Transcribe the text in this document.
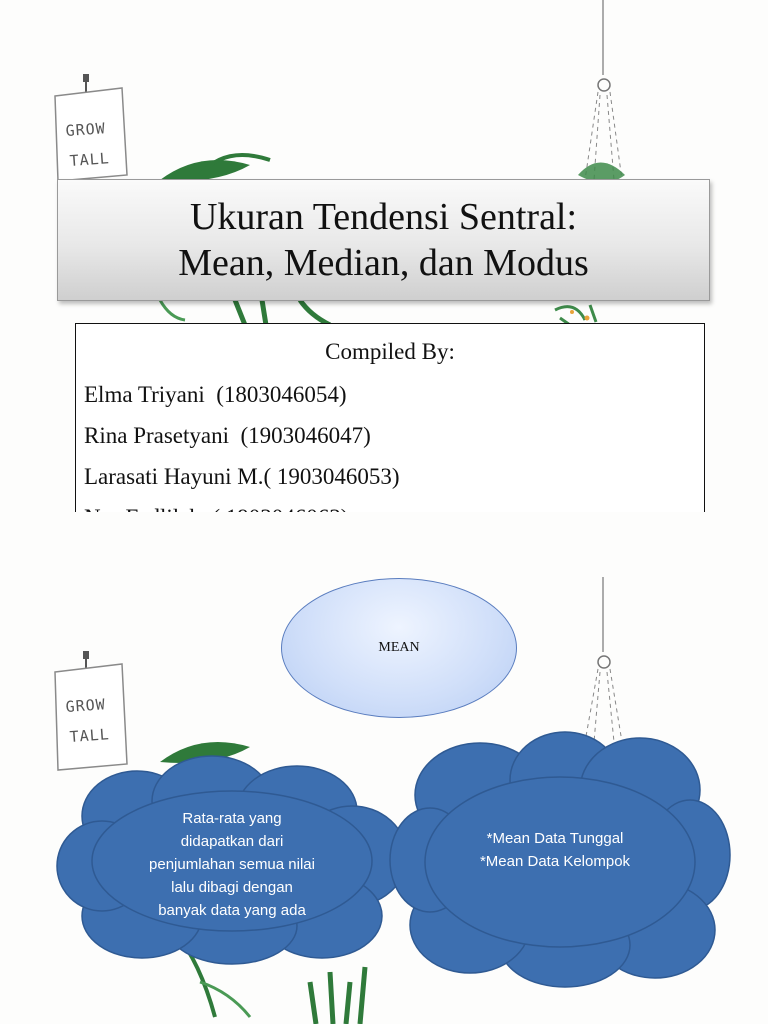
GROW
TALL
Ukuran Tendensi Sentral:
Mean, Median, dan Modus
Compiled By:
Elma Triyani  (1803046054)
Rina Prasetyani  (1903046047)
Larasati Hayuni M.( 1903046053)
GROW
TALL
MEAN
Rata-rata yang
didapatkan dari
penjumlahan semua nilai
lalu dibagi dengan
banyak data yang ada
*Mean Data Tunggal
*Mean Data Kelompok
